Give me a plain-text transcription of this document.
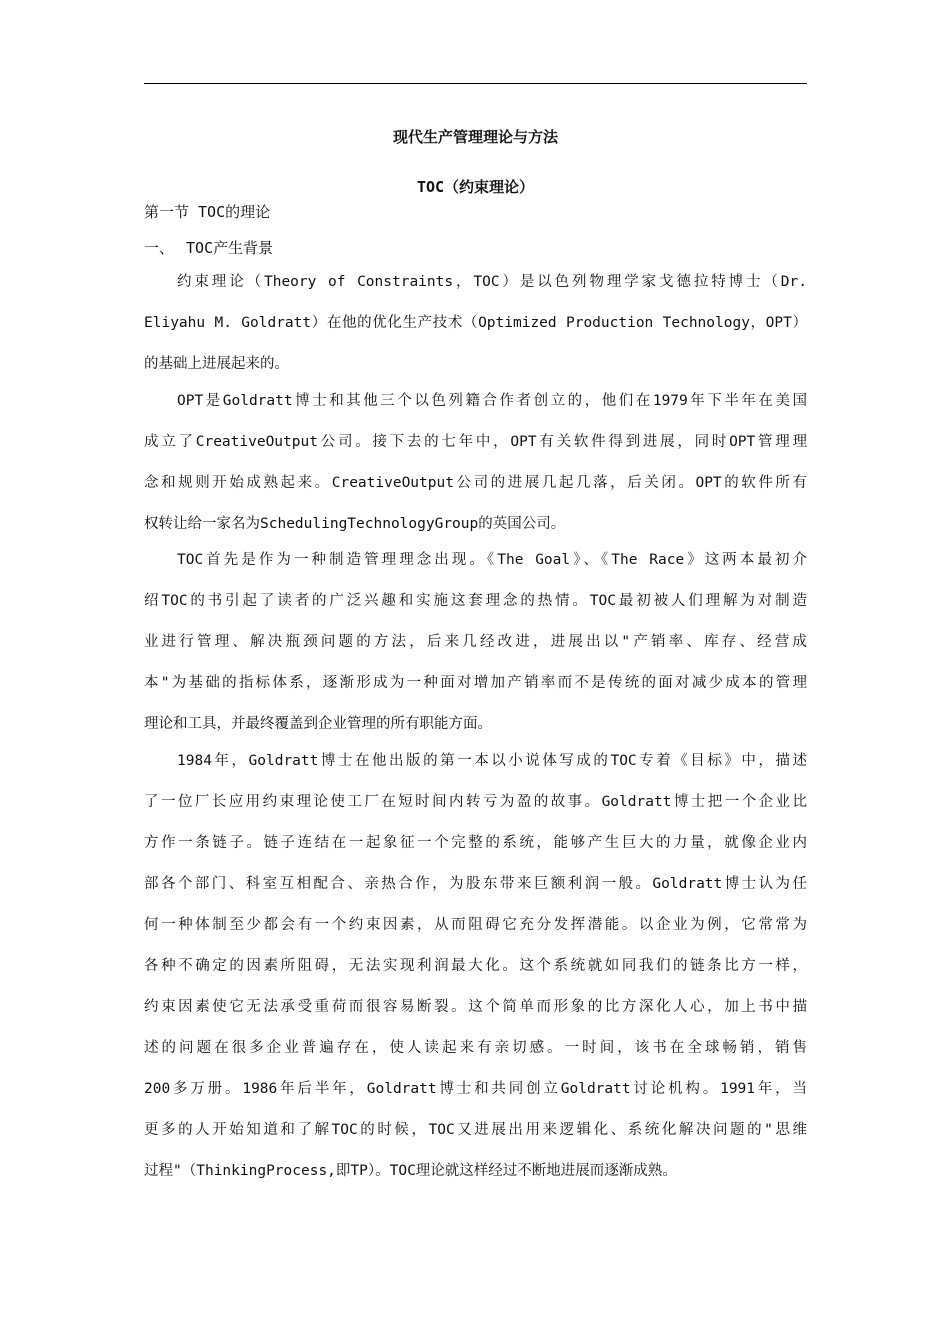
现代生产管理理论与方法
TOC（约束理论）
第一节 TOC的理论
一、 TOC产生背景
约束理论（Theory of Constraints，TOC）是以色列物理学家戈德拉特博士（Dr.
Eliyahu M. Goldratt）在他的优化生产技术（Optimized Production Technology，OPT）
的基础上进展起来的。
OPT是Goldratt博士和其他三个以色列籍合作者创立的，他们在1979年下半年在美国
成立了CreativeOutput公司。接下去的七年中，OPT有关软件得到进展，同时OPT管理理
念和规则开始成熟起来。CreativeOutput公司的进展几起几落，后关闭。OPT的软件所有
权转让给一家名为SchedulingTechnologyGroup的英国公司。
TOC首先是作为一种制造管理理念出现。《The Goal》、《The Race》这两本最初介
绍TOC的书引起了读者的广泛兴趣和实施这套理念的热情。TOC最初被人们理解为对制造
业进行管理、解决瓶颈问题的方法，后来几经改进，进展出以"产销率、库存、经营成
本"为基础的指标体系，逐渐形成为一种面对增加产销率而不是传统的面对减少成本的管理
理论和工具，并最终覆盖到企业管理的所有职能方面。
1984年，Goldratt博士在他出版的第一本以小说体写成的TOC专着《目标》中，描述
了一位厂长应用约束理论使工厂在短时间内转亏为盈的故事。Goldratt博士把一个企业比
方作一条链子。链子连结在一起象征一个完整的系统，能够产生巨大的力量，就像企业内
部各个部门、科室互相配合、亲热合作，为股东带来巨额利润一般。Goldratt博士认为任
何一种体制至少都会有一个约束因素，从而阻碍它充分发挥潜能。以企业为例，它常常为
各种不确定的因素所阻碍，无法实现利润最大化。这个系统就如同我们的链条比方一样，
约束因素使它无法承受重荷而很容易断裂。这个简单而形象的比方深化人心，加上书中描
述的问题在很多企业普遍存在，使人读起来有亲切感。一时间，该书在全球畅销，销售
200多万册。1986年后半年，Goldratt博士和共同创立Goldratt讨论机构。1991年，当
更多的人开始知道和了解TOC的时候，TOC又进展出用来逻辑化、系统化解决问题的"思维
过程"（ThinkingProcess,即TP）。TOC理论就这样经过不断地进展而逐渐成熟。
